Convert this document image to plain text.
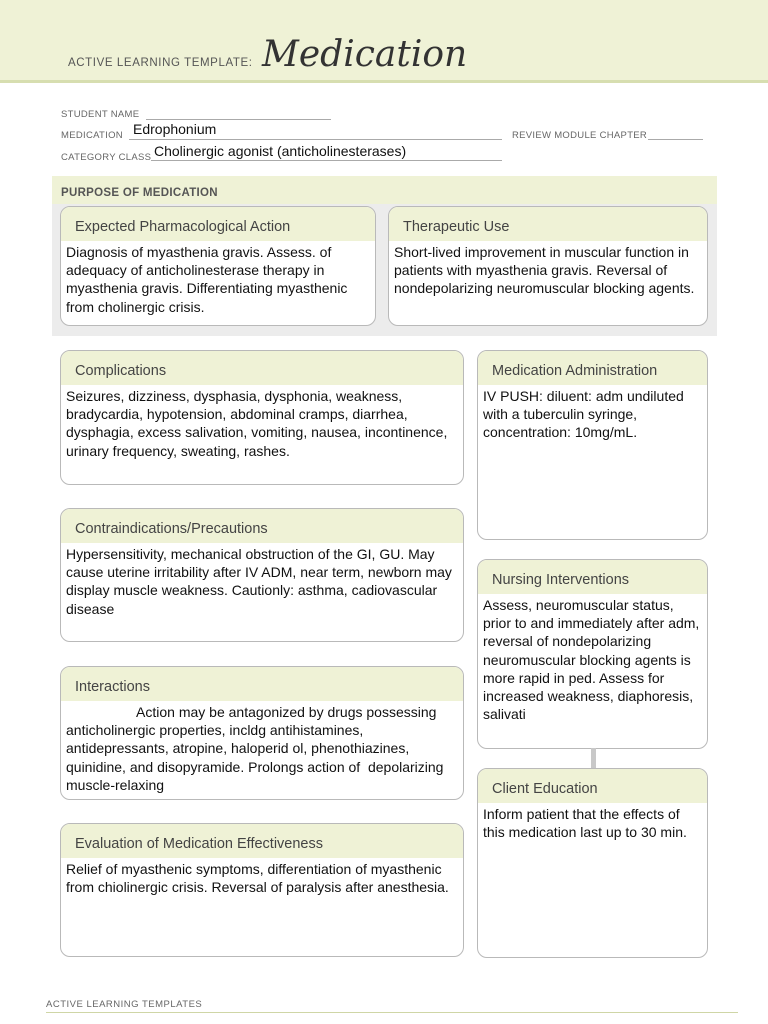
ACTIVE LEARNING TEMPLATE: Medication
STUDENT NAME
MEDICATION Edrophonium	REVIEW MODULE CHAPTER
CATEGORY CLASS Cholinergic agonist (anticholinesterases)
PURPOSE OF MEDICATION
Expected Pharmacological Action
Diagnosis of myasthenia gravis. Assess. of adequacy of anticholinesterase therapy in myasthenia gravis. Differentiating myasthenic from cholinergic crisis.
Therapeutic Use
Short-lived improvement in muscular function in patients with myasthenia gravis. Reversal of nondepolarizing neuromuscular blocking agents.
Complications
Seizures, dizziness, dysphasia, dysphonia, weakness, bradycardia, hypotension, abdominal cramps, diarrhea, dysphagia, excess salivation, vomiting, nausea, incontinence, urinary frequency, sweating, rashes.
Contraindications/Precautions
Hypersensitivity, mechanical obstruction of the GI, GU. May cause uterine irritability after IV ADM, near term, newborn may display muscle weakness. Cautionly: asthma, cadiovascular disease
Interactions
Action may be antagonized by drugs possessing anticholinergic properties, incldg antihistamines, antidepressants, atropine, haloperid ol, phenothiazines, quinidine, and disopyramide. Prolongs action of  depolarizing muscle-relaxing
Evaluation of Medication Effectiveness
Relief of myasthenic symptoms, differentiation of myasthenic from chiolinergic crisis. Reversal of paralysis after anesthesia.
Medication Administration
IV PUSH: diluent: adm undiluted with a tuberculin syringe, concentration: 10mg/mL.
Nursing Interventions
Assess, neuromuscular status, prior to and immediately after adm, reversal of nondepolarizing neuromuscular blocking agents is more rapid in ped. Assess for increased weakness, diaphoresis, salivati
Client Education
Inform patient that the effects of this medication last up to 30 min.
ACTIVE LEARNING TEMPLATES
